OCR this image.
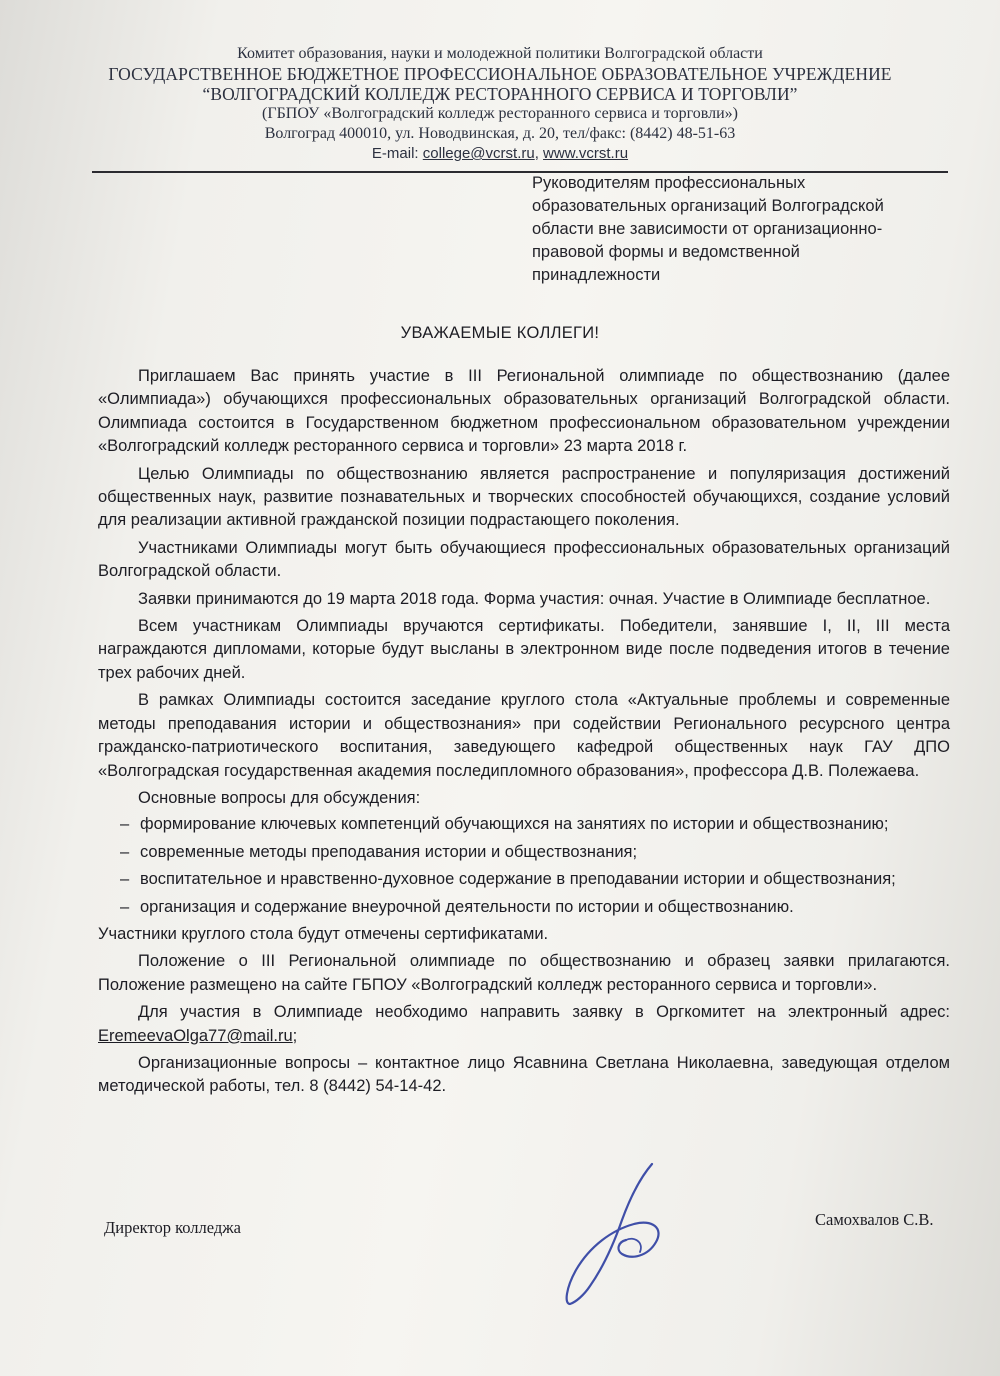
Комитет образования, науки и молодежной политики Волгоградской области
ГОСУДАРСТВЕННОЕ БЮДЖЕТНОЕ ПРОФЕССИОНАЛЬНОЕ ОБРАЗОВАТЕЛЬНОЕ УЧРЕЖДЕНИЕ
“ВОЛГОГРАДСКИЙ КОЛЛЕДЖ РЕСТОРАННОГО СЕРВИСА И ТОРГОВЛИ”
(ГБПОУ «Волгоградский колледж ресторанного сервиса и торговли»)
Волгоград 400010, ул. Новодвинская, д. 20, тел/факс: (8442) 48-51-63
E-mail: college@vcrst.ru, www.vcrst.ru
Руководителям профессиональных образовательных организаций Волгоградской области вне зависимости от организационно-правовой формы и ведомственной принадлежности
УВАЖАЕМЫЕ КОЛЛЕГИ!

Приглашаем Вас принять участие в III Региональной олимпиаде по обществознанию (далее «Олимпиада») обучающихся профессиональных образовательных организаций Волгоградской области. Олимпиада состоится в Государственном бюджетном профессиональном образовательном учреждении «Волгоградский колледж ресторанного сервиса и торговли» 23 марта 2018 г.

Целью Олимпиады по обществознанию является распространение и популяризация достижений общественных наук, развитие познавательных и творческих способностей обучающихся, создание условий для реализации активной гражданской позиции подрастающего поколения.

Участниками Олимпиады могут быть обучающиеся профессиональных образовательных организаций Волгоградской области.

Заявки принимаются до 19 марта 2018 года. Форма участия: очная. Участие в Олимпиаде бесплатное.

Всем участникам Олимпиады вручаются сертификаты. Победители, занявшие I, II, III места награждаются дипломами, которые будут высланы в электронном виде после подведения итогов в течение трех рабочих дней.

В рамках Олимпиады состоится заседание круглого стола «Актуальные проблемы и современные методы преподавания истории и обществознания» при содействии Регионального ресурсного центра гражданско-патриотического воспитания, заведующего кафедрой общественных наук ГАУ ДПО «Волгоградская государственная академия последипломного образования», профессора Д.В. Полежаева.

Основные вопросы для обсуждения:

– формирование ключевых компетенций обучающихся на занятиях по истории и обществознанию;
– современные методы преподавания истории и обществознания;
– воспитательное и нравственно-духовное содержание в преподавании истории и обществознания;
– организация и содержание внеурочной деятельности по истории и обществознанию.

Участники круглого стола будут отмечены сертификатами.

Положение о III Региональной олимпиаде по обществознанию и образец заявки прилагаются. Положение размещено на сайте ГБПОУ «Волгоградский колледж ресторанного сервиса и торговли».

Для участия в Олимпиаде необходимо направить заявку в Оргкомитет на электронный адрес: EremeevaOlga77@mail.ru;

Организационные вопросы – контактное лицо Ясавнина Светлана Николаевна, заведующая отделом методической работы, тел. 8 (8442) 54-14-42.

Директор колледжа	Самохвалов С.В.
